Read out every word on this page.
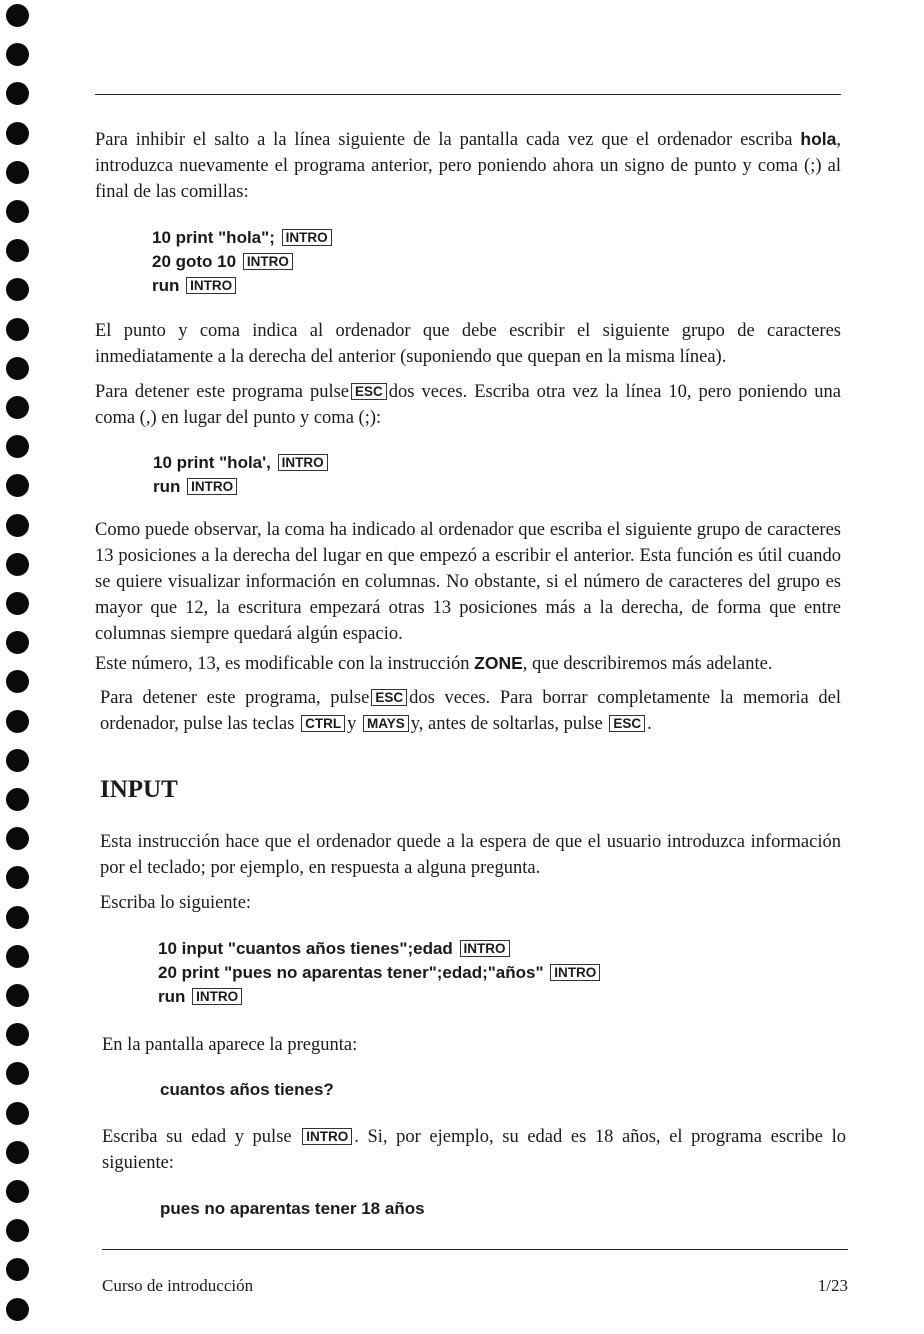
Para inhibir el salto a la línea siguiente de la pantalla cada vez que el ordenador escriba hola, introduzca nuevamente el programa anterior, pero poniendo ahora un signo de punto y coma (;) al final de las comillas:

10 print "hola"; INTRO
20 goto 10 INTRO
run INTRO

El punto y coma indica al ordenador que debe escribir el siguiente grupo de caracteres inmediatamente a la derecha del anterior (suponiendo que quepan en la misma línea).

Para detener este programa pulse ESC dos veces. Escriba otra vez la línea 10, pero poniendo una coma (,) en lugar del punto y coma (;):

10 print "hola', INTRO
run INTRO

Como puede observar, la coma ha indicado al ordenador que escriba el siguiente grupo de caracteres 13 posiciones a la derecha del lugar en que empezó a escribir el anterior. Esta función es útil cuando se quiere visualizar información en columnas. No obstante, si el número de caracteres del grupo es mayor que 12, la escritura empezará otras 13 posiciones más a la derecha, de forma que entre columnas siempre quedará algún espacio.

Este número, 13, es modificable con la instrucción ZONE, que describiremos más adelante.

Para detener este programa, pulse ESC dos veces. Para borrar completamente la memoria del ordenador, pulse las teclas CTRL y MAYS y, antes de soltarlas, pulse ESC .

INPUT

Esta instrucción hace que el ordenador quede a la espera de que el usuario introduzca información por el teclado; por ejemplo, en respuesta a alguna pregunta.

Escriba lo siguiente:

10 input "cuantos años tienes";edad INTRO
20 print "pues no aparentas tener";edad;"años" INTRO
run INTRO

En la pantalla aparece la pregunta:

cuantos años tienes?

Escriba su edad y pulse INTRO . Si, por ejemplo, su edad es 18 años, el programa escribe lo siguiente:

pues no aparentas tener 18 años
Curso de introducción	1/23
